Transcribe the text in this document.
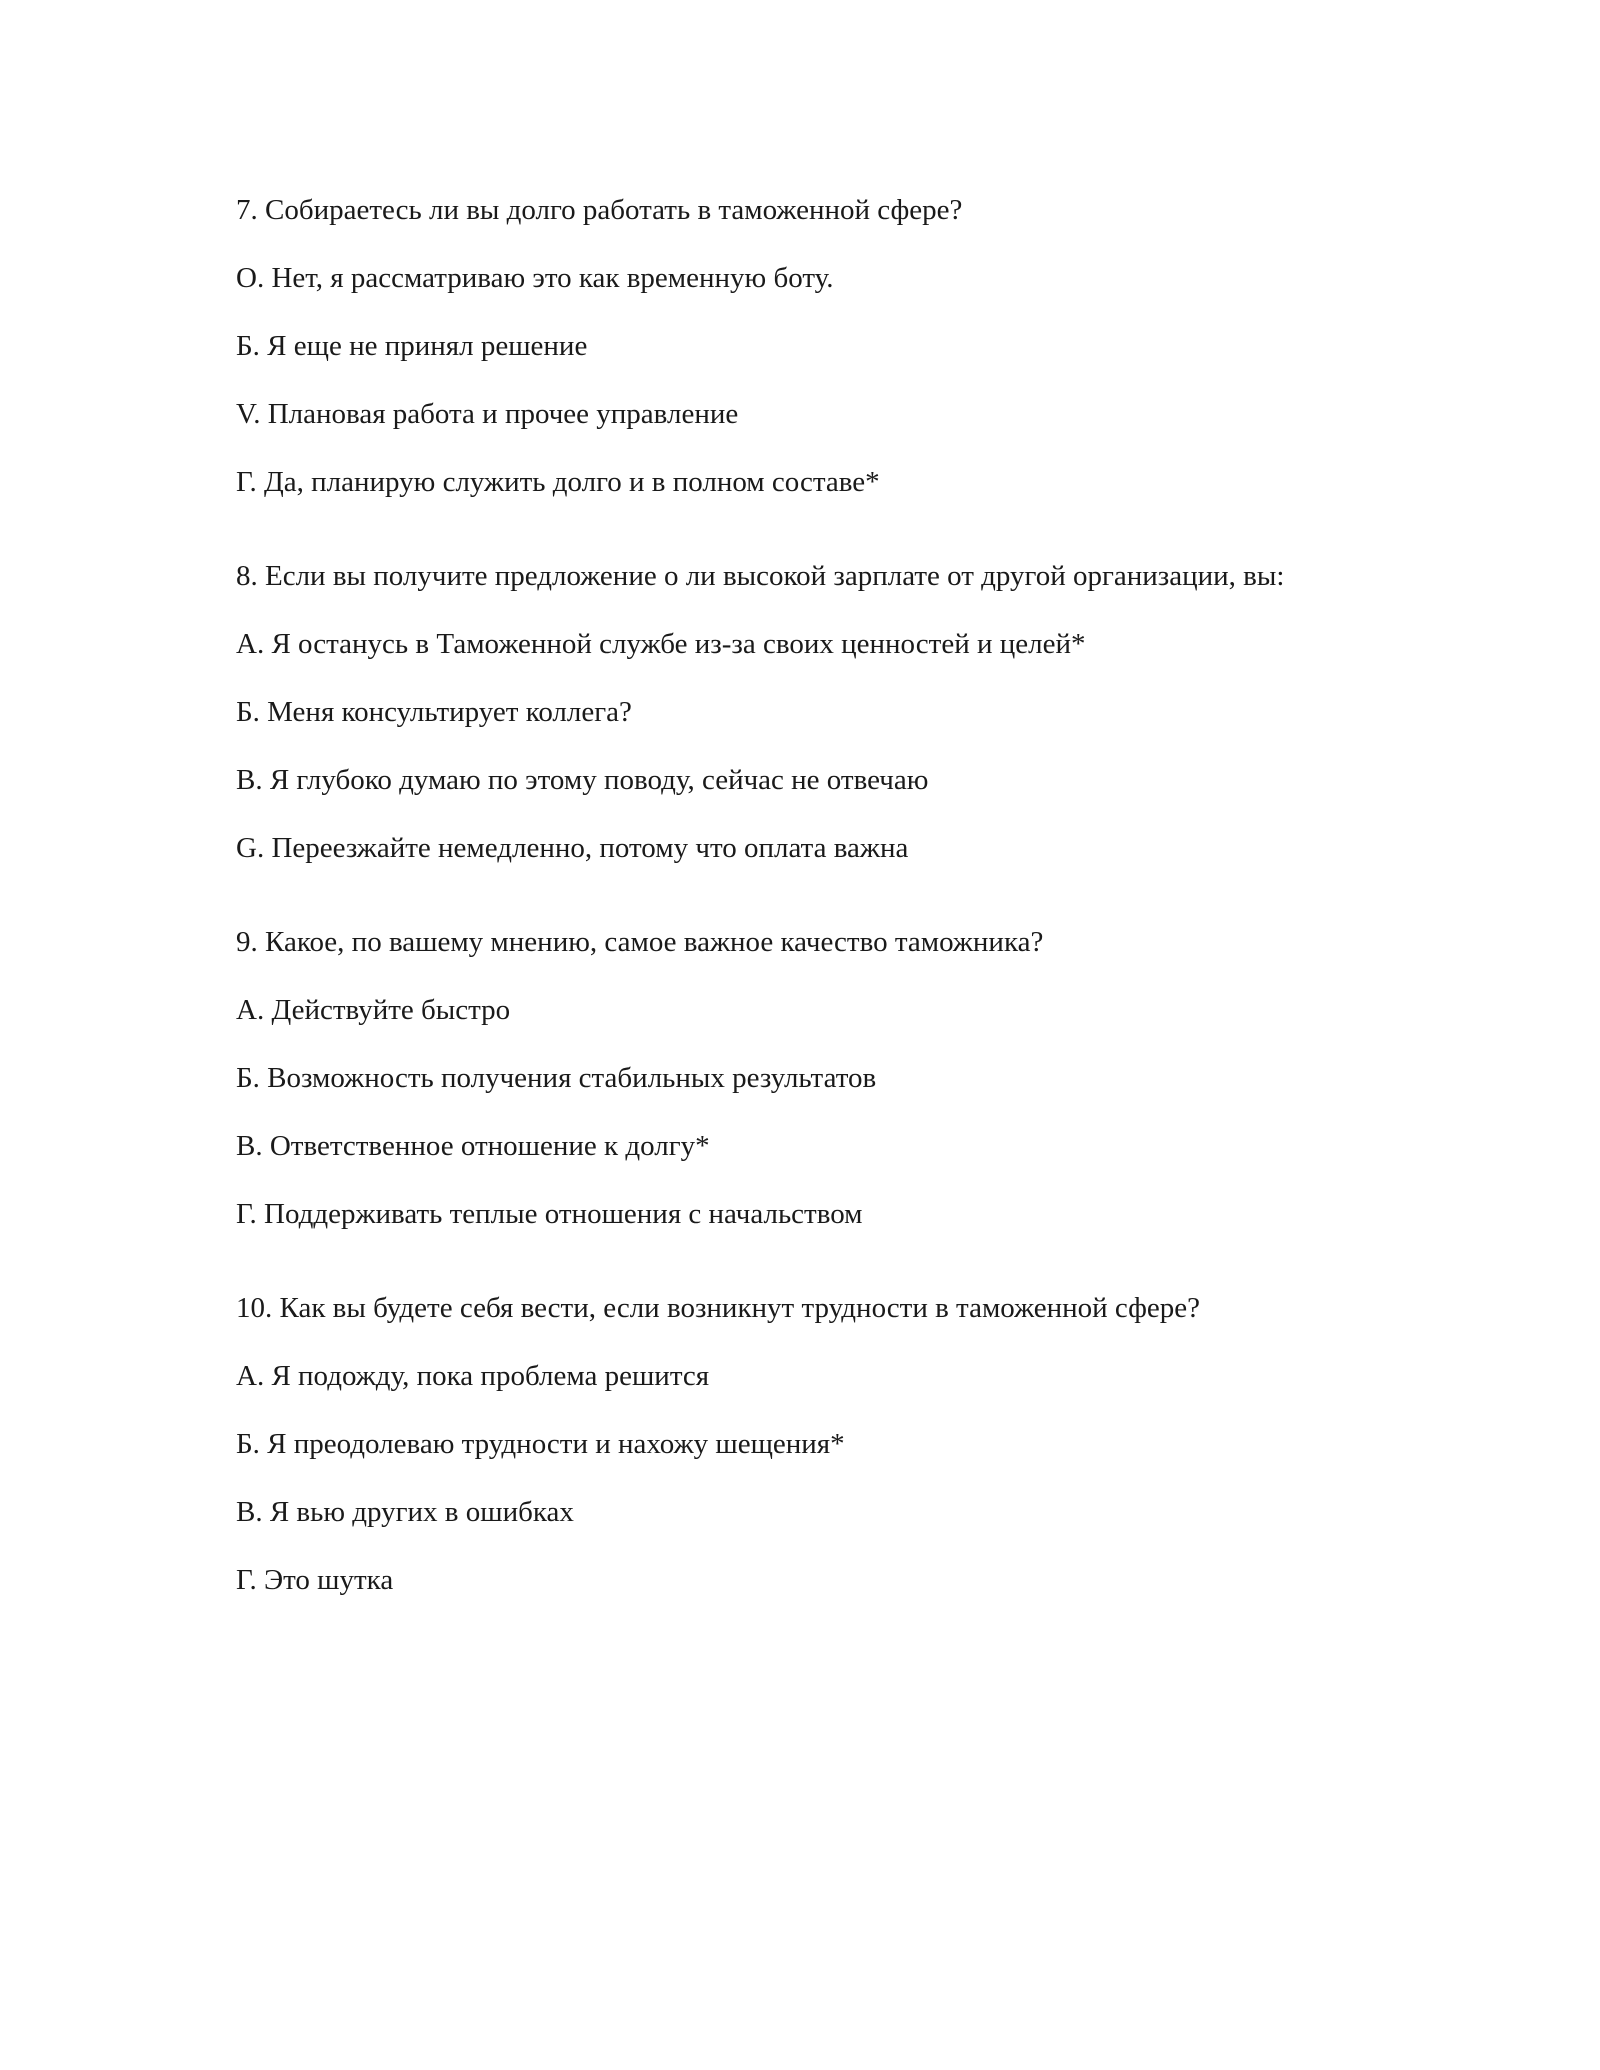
7. Собираетесь ли вы долго работать в таможенной сфере?

О. Нет, я рассматриваю это как временную боту.

Б. Я еще не принял решение

V. Плановая работа и прочее управление

Г. Да, планирую служить долго и в полном составе*

8. Если вы получите предложение о ли высокой зарплате от другой организации, вы:

А. Я останусь в Таможенной службе из-за своих ценностей и целей*

Б. Меня консультирует коллега?

В. Я глубоко думаю по этому поводу, сейчас не отвечаю

G. Переезжайте немедленно, потому что оплата важна

9. Какое, по вашему мнению, самое важное качество таможника?

А. Действуйте быстро

Б. Возможность получения стабильных результатов

В. Ответственное отношение к долгу*

Г. Поддерживать теплые отношения с начальством

10. Как вы будете себя вести, если возникнут трудности в таможенной сфере?

А. Я подожду, пока проблема решится

Б. Я преодолеваю трудности и нахожу шещения*

В. Я вью других в ошибках

Г. Это шутка
